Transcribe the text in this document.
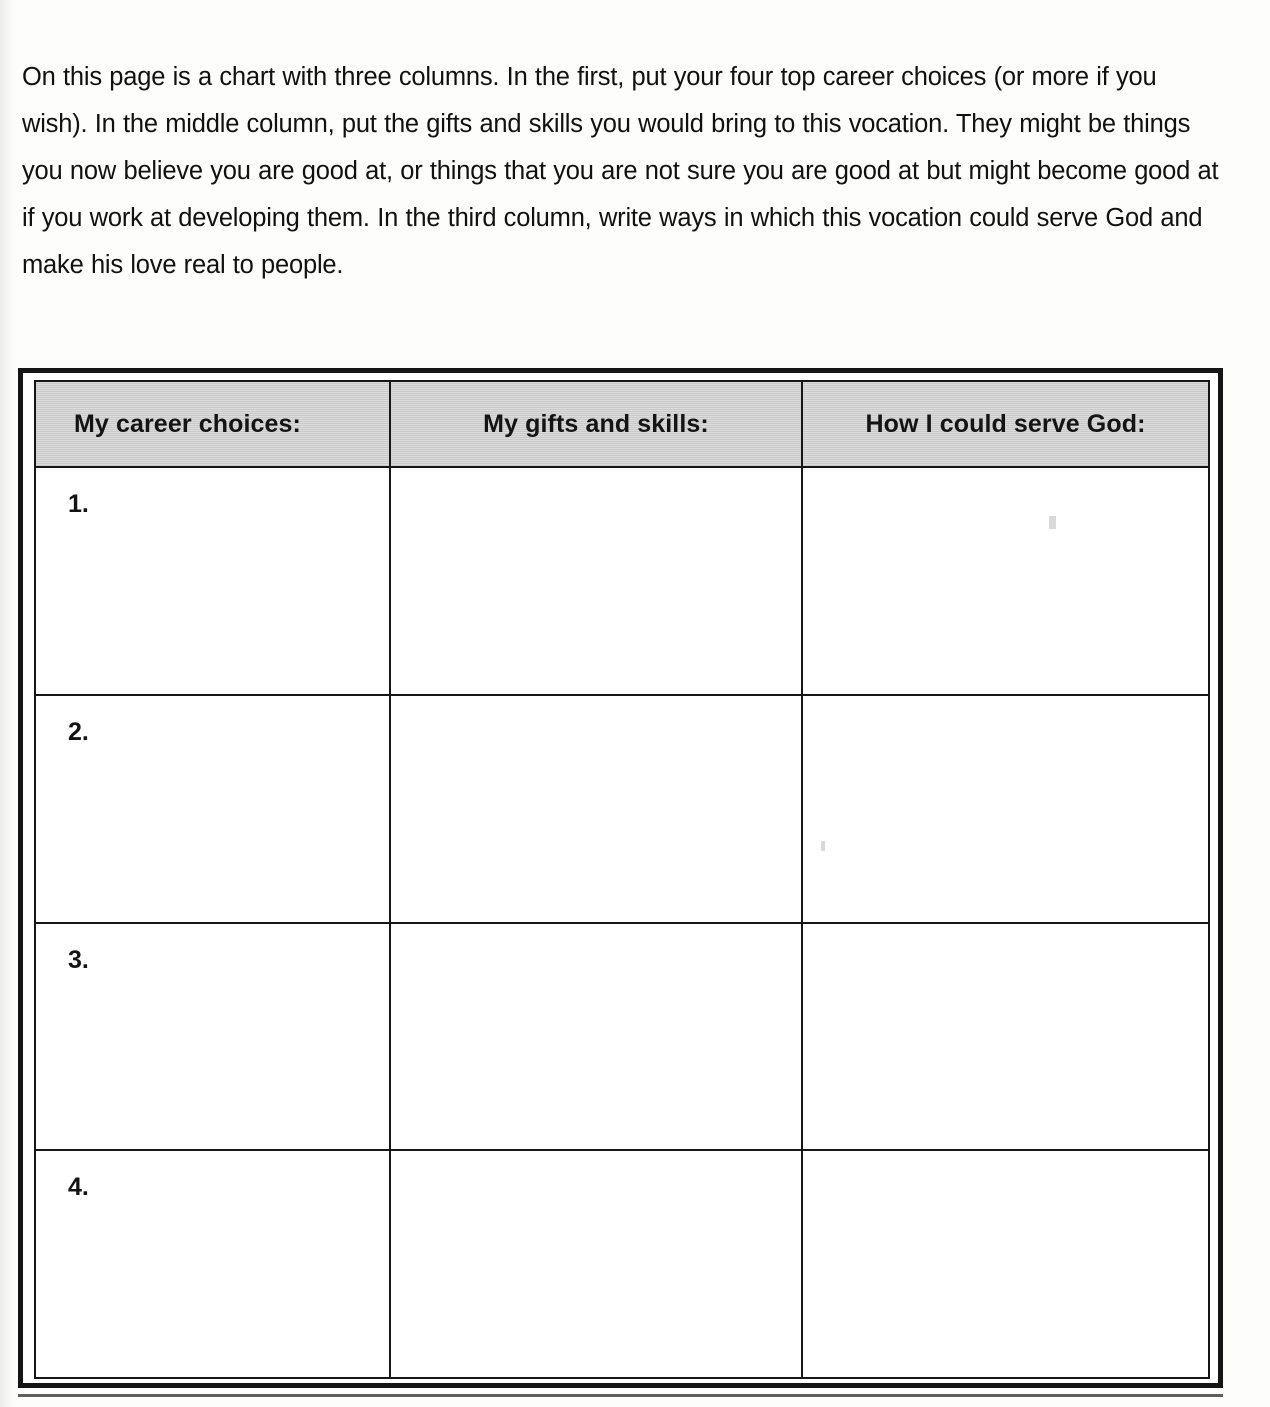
On this page is a chart with three columns. In the first, put your four top career choices (or more if you wish). In the middle column, put the gifts and skills you would bring to this vocation. They might be things you now believe you are good at, or things that you are not sure you are good at but might become good at if you work at developing them. In the third column, write ways in which this vocation could serve God and make his love real to people.

My career choices:	My gifts and skills:	How I could serve God:
1.
2.
3.
4.
